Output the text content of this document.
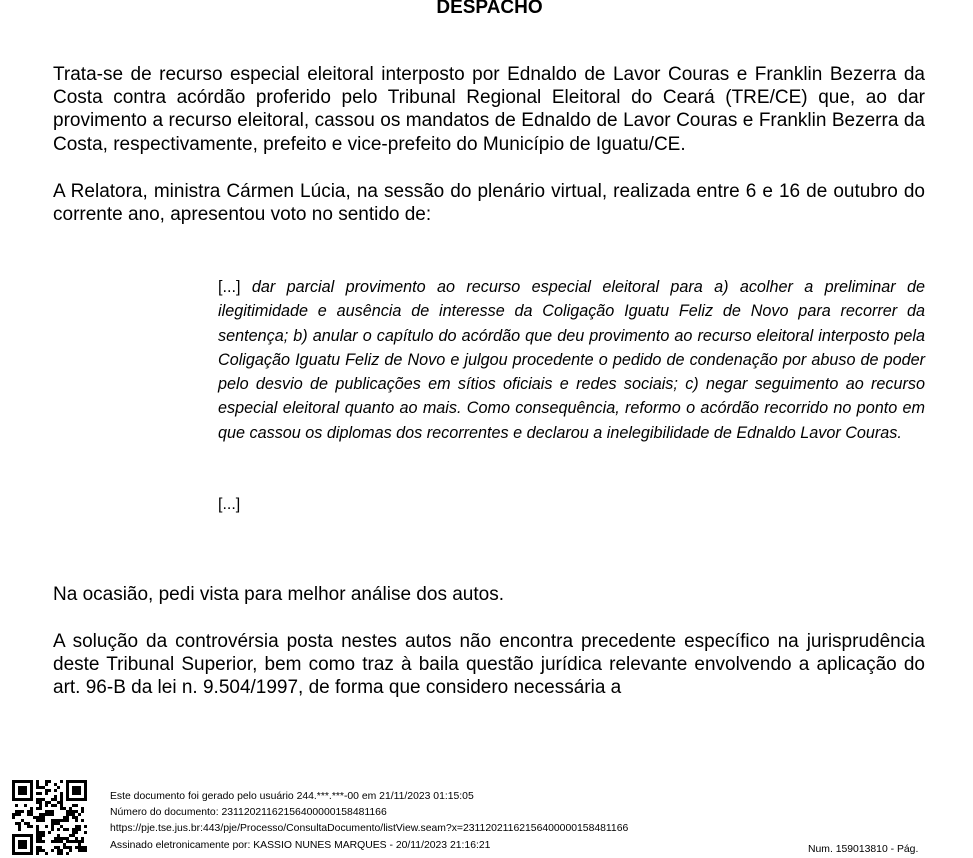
DESPACHO

Trata-se de recurso especial eleitoral interposto por Ednaldo de Lavor Couras e Franklin Bezerra da Costa contra acórdão proferido pelo Tribunal Regional Eleitoral do Ceará (TRE/CE) que, ao dar provimento a recurso eleitoral, cassou os mandatos de Ednaldo de Lavor Couras e Franklin Bezerra da Costa, respectivamente, prefeito e vice-prefeito do Município de Iguatu/CE.

A Relatora, ministra Cármen Lúcia, na sessão do plenário virtual, realizada entre 6 e 16 de outubro do corrente ano, apresentou voto no sentido de:

[...] dar parcial provimento ao recurso especial eleitoral para a) acolher a preliminar de ilegitimidade e ausência de interesse da Coligação Iguatu Feliz de Novo para recorrer da sentença; b) anular o capítulo do acórdão que deu provimento ao recurso eleitoral interposto pela Coligação Iguatu Feliz de Novo e julgou procedente o pedido de condenação por abuso de poder pelo desvio de publicações em sítios oficiais e redes sociais; c) negar seguimento ao recurso especial eleitoral quanto ao mais. Como consequência, reformo o acórdão recorrido no ponto em que cassou os diplomas dos recorrentes e declarou a inelegibilidade de Ednaldo Lavor Couras.

[...]

Na ocasião, pedi vista para melhor análise dos autos.

A solução da controvérsia posta nestes autos não encontra precedente específico na jurisprudência deste Tribunal Superior, bem como traz à baila questão jurídica relevante envolvendo a aplicação do art. 96-B da lei n. 9.504/1997, de forma que considero necessária a

Este documento foi gerado pelo usuário 244.***.***-00 em 21/11/2023 01:15:05
Número do documento: 23112021162156400000158481166
https://pje.tse.jus.br:443/pje/Processo/ConsultaDocumento/listView.seam?x=23112021162156400000158481166
Assinado eletronicamente por: KASSIO NUNES MARQUES - 20/11/2023 21:16:21	Num. 159013810 - Pág.
